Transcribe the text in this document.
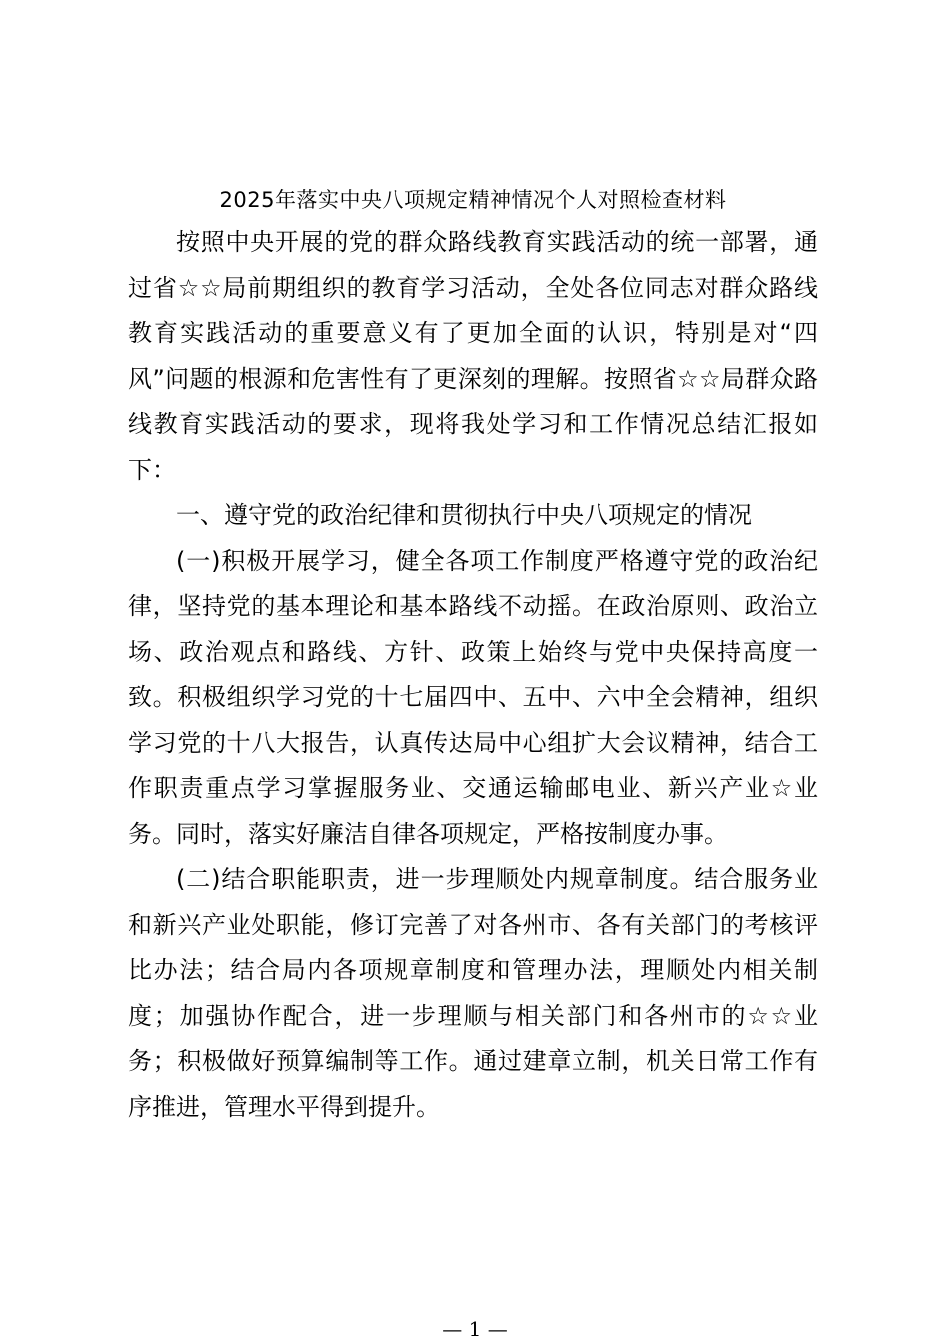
2025年落实中央八项规定精神情况个人对照检查材料

按照中央开展的党的群众路线教育实践活动的统一部署，通过省☆☆局前期组织的教育学习活动，全处各位同志对群众路线教育实践活动的重要意义有了更加全面的认识，特别是对“四风”问题的根源和危害性有了更深刻的理解。按照省☆☆局群众路线教育实践活动的要求，现将我处学习和工作情况总结汇报如下：

一、遵守党的政治纪律和贯彻执行中央八项规定的情况

(一)积极开展学习，健全各项工作制度严格遵守党的政治纪律，坚持党的基本理论和基本路线不动摇。在政治原则、政治立场、政治观点和路线、方针、政策上始终与党中央保持高度一致。积极组织学习党的十七届四中、五中、六中全会精神，组织学习党的十八大报告，认真传达局中心组扩大会议精神，结合工作职责重点学习掌握服务业、交通运输邮电业、新兴产业☆业务。同时，落实好廉洁自律各项规定，严格按制度办事。

(二)结合职能职责，进一步理顺处内规章制度。结合服务业和新兴产业处职能，修订完善了对各州市、各有关部门的考核评比办法；结合局内各项规章制度和管理办法，理顺处内相关制度；加强协作配合，进一步理顺与相关部门和各州市的☆☆业务；积极做好预算编制等工作。通过建章立制，机关日常工作有序推进，管理水平得到提升。

— 1 —
